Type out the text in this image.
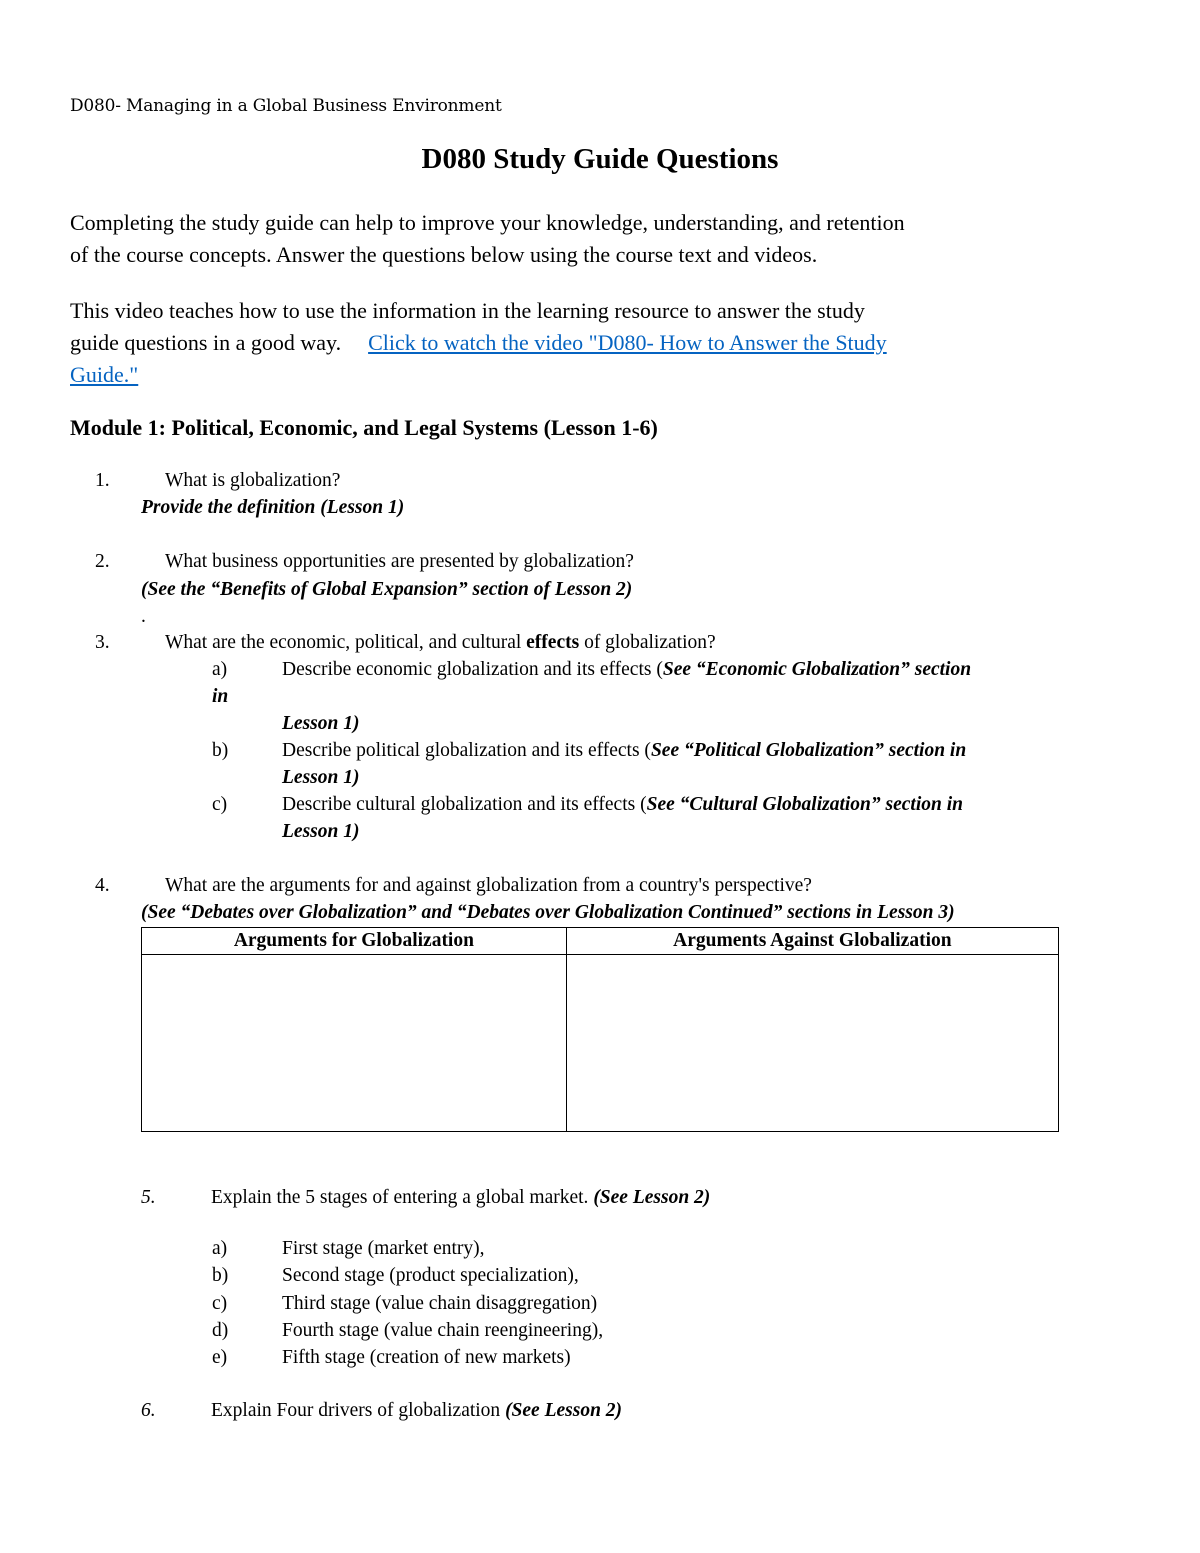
D080- Managing in a Global Business Environment
D080 Study Guide Questions
Completing the study guide can help to improve your knowledge, understanding, and retention
of the course concepts. Answer the questions below using the course text and videos.
This video teaches how to use the information in the learning resource to answer the study
guide questions in a good way. Click to watch the video "D080- How to Answer the Study
Guide."
Module 1: Political, Economic, and Legal Systems (Lesson 1-6)
1.	What is globalization?
Provide the definition (Lesson 1)
2.	What business opportunities are presented by globalization?
(See the “Benefits of Global Expansion” section of Lesson 2)
.
3.	What are the economic, political, and cultural effects of globalization?
a)	Describe economic globalization and its effects (See “Economic Globalization” section
in
Lesson 1)
b)	Describe political globalization and its effects (See “Political Globalization” section in
Lesson 1)
c)	Describe cultural globalization and its effects (See “Cultural Globalization” section in
Lesson 1)
4.	What are the arguments for and against globalization from a country's perspective?
(See “Debates over Globalization” and “Debates over Globalization Continued” sections in Lesson 3)
Arguments for Globalization	Arguments Against Globalization

5.	Explain the 5 stages of entering a global market. (See Lesson 2)
a)	First stage (market entry),
b)	Second stage (product specialization),
c)	Third stage (value chain disaggregation)
d)	Fourth stage (value chain reengineering),
e)	Fifth stage (creation of new markets)
6.	Explain Four drivers of globalization (See Lesson 2)
